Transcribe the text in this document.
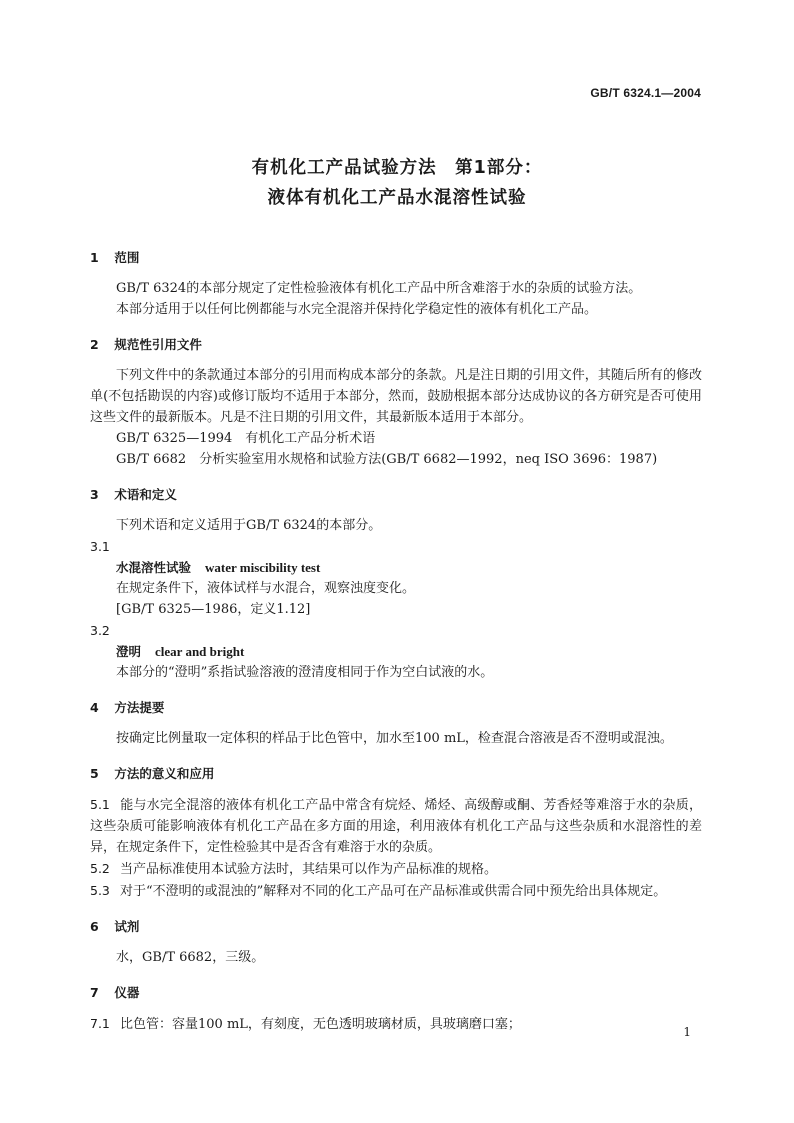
GB/T 6324.1—2004
有机化工产品试验方法　第1部分：
液体有机化工产品水混溶性试验
1 范围
GB/T 6324的本部分规定了定性检验液体有机化工产品中所含难溶于水的杂质的试验方法。
本部分适用于以任何比例都能与水完全混溶并保持化学稳定性的液体有机化工产品。
2 规范性引用文件
下列文件中的条款通过本部分的引用而构成本部分的条款。凡是注日期的引用文件，其随后所有的修改单(不包括勘误的内容)或修订版均不适用于本部分，然而，鼓励根据本部分达成协议的各方研究是否可使用这些文件的最新版本。凡是不注日期的引用文件，其最新版本适用于本部分。
GB/T 6325—1994　有机化工产品分析术语
GB/T 6682　分析实验室用水规格和试验方法(GB/T 6682—1992，neq ISO 3696：1987)
3 术语和定义
下列术语和定义适用于GB/T 6324的本部分。
3.1
水混溶性试验 water miscibility test
在规定条件下，液体试样与水混合，观察浊度变化。
[GB/T 6325—1986，定义1.12]
3.2
澄明 clear and bright
本部分的“澄明”系指试验溶液的澄清度相同于作为空白试液的水。
4 方法提要
按确定比例量取一定体积的样品于比色管中，加水至100 mL，检查混合溶液是否不澄明或混浊。
5 方法的意义和应用
5.1 能与水完全混溶的液体有机化工产品中常含有烷烃、烯烃、高级醇或酮、芳香烃等难溶于水的杂质，这些杂质可能影响液体有机化工产品在多方面的用途，利用液体有机化工产品与这些杂质和水混溶性的差异，在规定条件下，定性检验其中是否含有难溶于水的杂质。
5.2 当产品标准使用本试验方法时，其结果可以作为产品标准的规格。
5.3 对于“不澄明的或混浊的”解释对不同的化工产品可在产品标准或供需合同中预先给出具体规定。
6 试剂
水，GB/T 6682，三级。
7 仪器
7.1 比色管：容量100 mL，有刻度，无色透明玻璃材质，具玻璃磨口塞；	1
